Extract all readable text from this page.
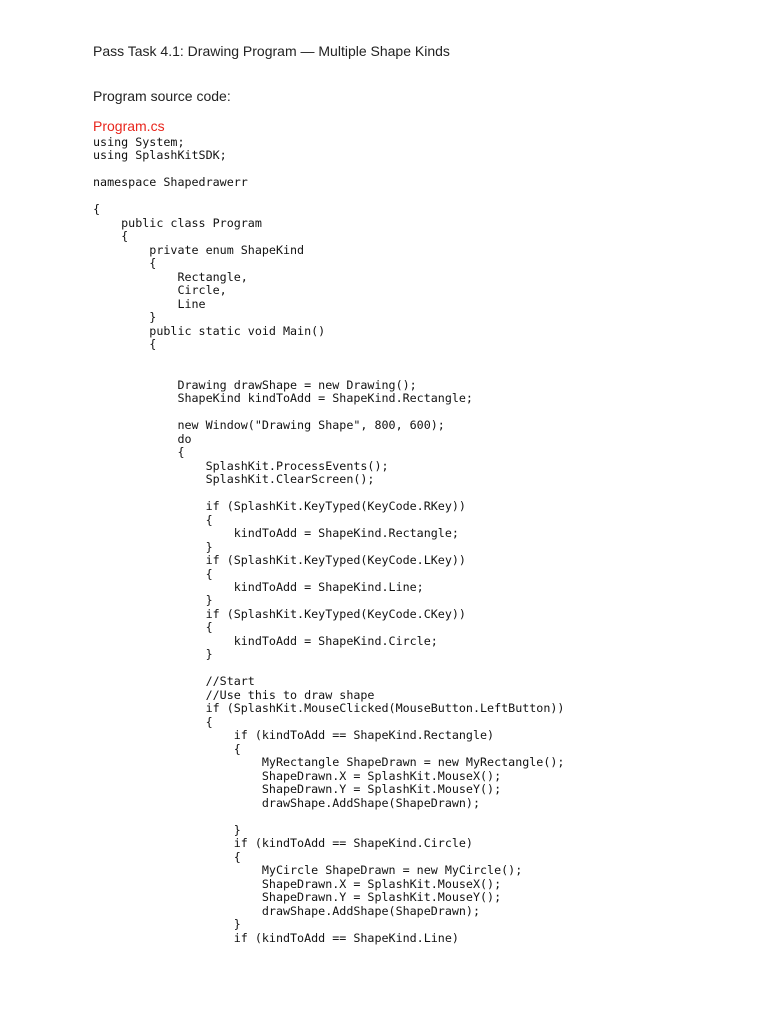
Pass Task 4.1: Drawing Program — Multiple Shape Kinds
Program source code:
Program.cs
using System;
using SplashKitSDK;

namespace Shapedrawerr

{
public class Program
{
private enum ShapeKind
{
Rectangle,
Circle,
Line
}
public static void Main()
{

Drawing drawShape = new Drawing();
ShapeKind kindToAdd = ShapeKind.Rectangle;

new Window("Drawing Shape", 800, 600);
do
{
SplashKit.ProcessEvents();
SplashKit.ClearScreen();

if (SplashKit.KeyTyped(KeyCode.RKey))
{
kindToAdd = ShapeKind.Rectangle;
}
if (SplashKit.KeyTyped(KeyCode.LKey))
{
kindToAdd = ShapeKind.Line;
}
if (SplashKit.KeyTyped(KeyCode.CKey))
{
kindToAdd = ShapeKind.Circle;
}

//Start
//Use this to draw shape
if (SplashKit.MouseClicked(MouseButton.LeftButton))
{
if (kindToAdd == ShapeKind.Rectangle)
{
MyRectangle ShapeDrawn = new MyRectangle();
ShapeDrawn.X = SplashKit.MouseX();
ShapeDrawn.Y = SplashKit.MouseY();
drawShape.AddShape(ShapeDrawn);

}
if (kindToAdd == ShapeKind.Circle)
{
MyCircle ShapeDrawn = new MyCircle();
ShapeDrawn.X = SplashKit.MouseX();
ShapeDrawn.Y = SplashKit.MouseY();
drawShape.AddShape(ShapeDrawn);
}
if (kindToAdd == ShapeKind.Line)
